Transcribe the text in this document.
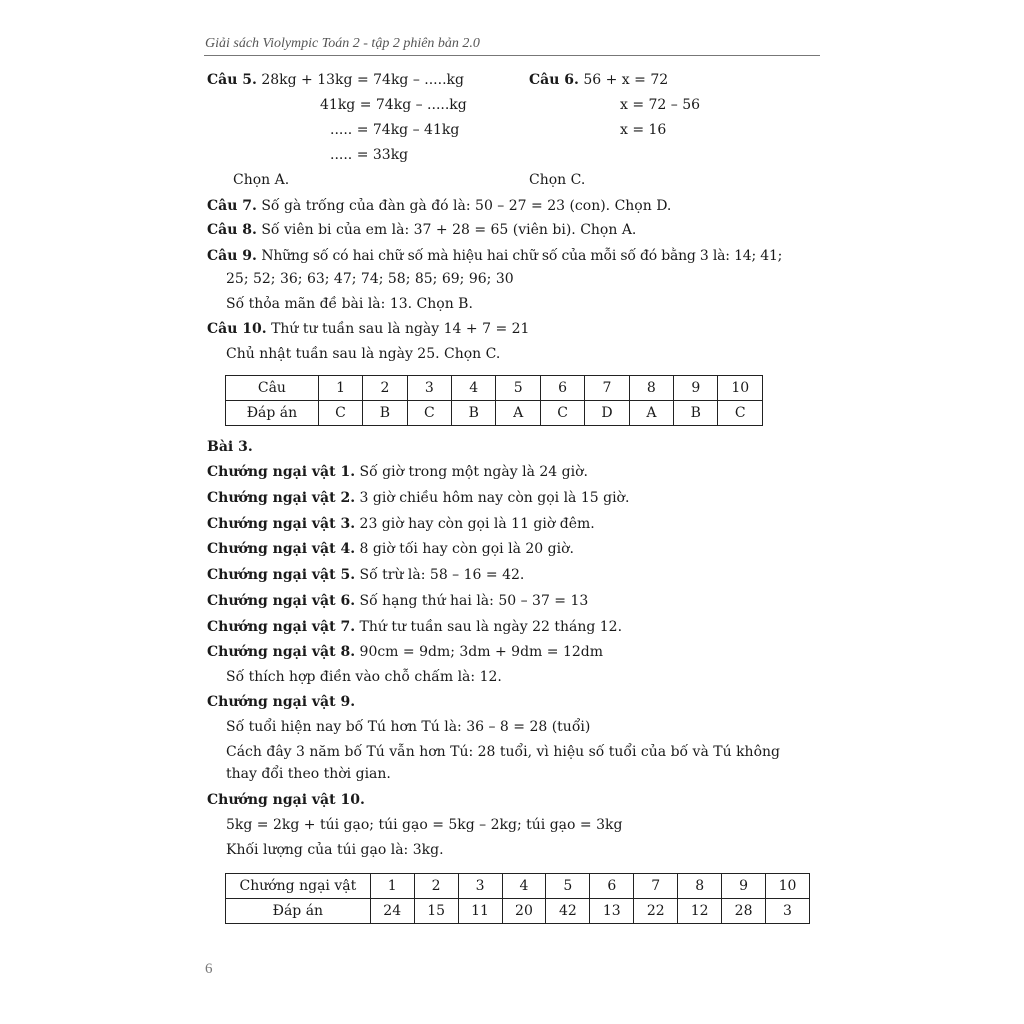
Giải sách Violympic Toán 2 - tập 2 phiên bản 2.0
Câu 5. 28kg + 13kg = 74kg – .....kg
41kg = 74kg – .....kg
..... = 74kg – 41kg
..... = 33kg
Chọn A.
Câu 6. 56 + x = 72
x = 72 – 56
x = 16
Chọn C.
Câu 7. Số gà trống của đàn gà đó là: 50 – 27 = 23 (con). Chọn D.
Câu 8. Số viên bi của em là: 37 + 28 = 65 (viên bi). Chọn A.
Câu 9. Những số có hai chữ số mà hiệu hai chữ số của mỗi số đó bằng 3 là: 14; 41;
25; 52; 36; 63; 47; 74; 58; 85; 69; 96; 30
Số thỏa mãn đề bài là: 13. Chọn B.
Câu 10. Thứ tư tuần sau là ngày 14 + 7 = 21
Chủ nhật tuần sau là ngày 25. Chọn C.
Câu	1	2	3	4	5	6	7	8	9	10
Đáp án	C	B	C	B	A	C	D	A	B	C
Bài 3.
Chướng ngại vật 1. Số giờ trong một ngày là 24 giờ.
Chướng ngại vật 2. 3 giờ chiều hôm nay còn gọi là 15 giờ.
Chướng ngại vật 3. 23 giờ hay còn gọi là 11 giờ đêm.
Chướng ngại vật 4. 8 giờ tối hay còn gọi là 20 giờ.
Chướng ngại vật 5. Số trừ là: 58 – 16 = 42.
Chướng ngại vật 6. Số hạng thứ hai là: 50 – 37 = 13
Chướng ngại vật 7. Thứ tư tuần sau là ngày 22 tháng 12.
Chướng ngại vật 8. 90cm = 9dm; 3dm + 9dm = 12dm
Số thích hợp điền vào chỗ chấm là: 12.
Chướng ngại vật 9.
Số tuổi hiện nay bố Tú hơn Tú là: 36 – 8 = 28 (tuổi)
Cách đây 3 năm bố Tú vẫn hơn Tú: 28 tuổi, vì hiệu số tuổi của bố và Tú không
thay đổi theo thời gian.
Chướng ngại vật 10.
5kg = 2kg + túi gạo; túi gạo = 5kg – 2kg; túi gạo = 3kg
Khối lượng của túi gạo là: 3kg.
Chướng ngại vật	1	2	3	4	5	6	7	8	9	10
Đáp án	24	15	11	20	42	13	22	12	28	3
6
